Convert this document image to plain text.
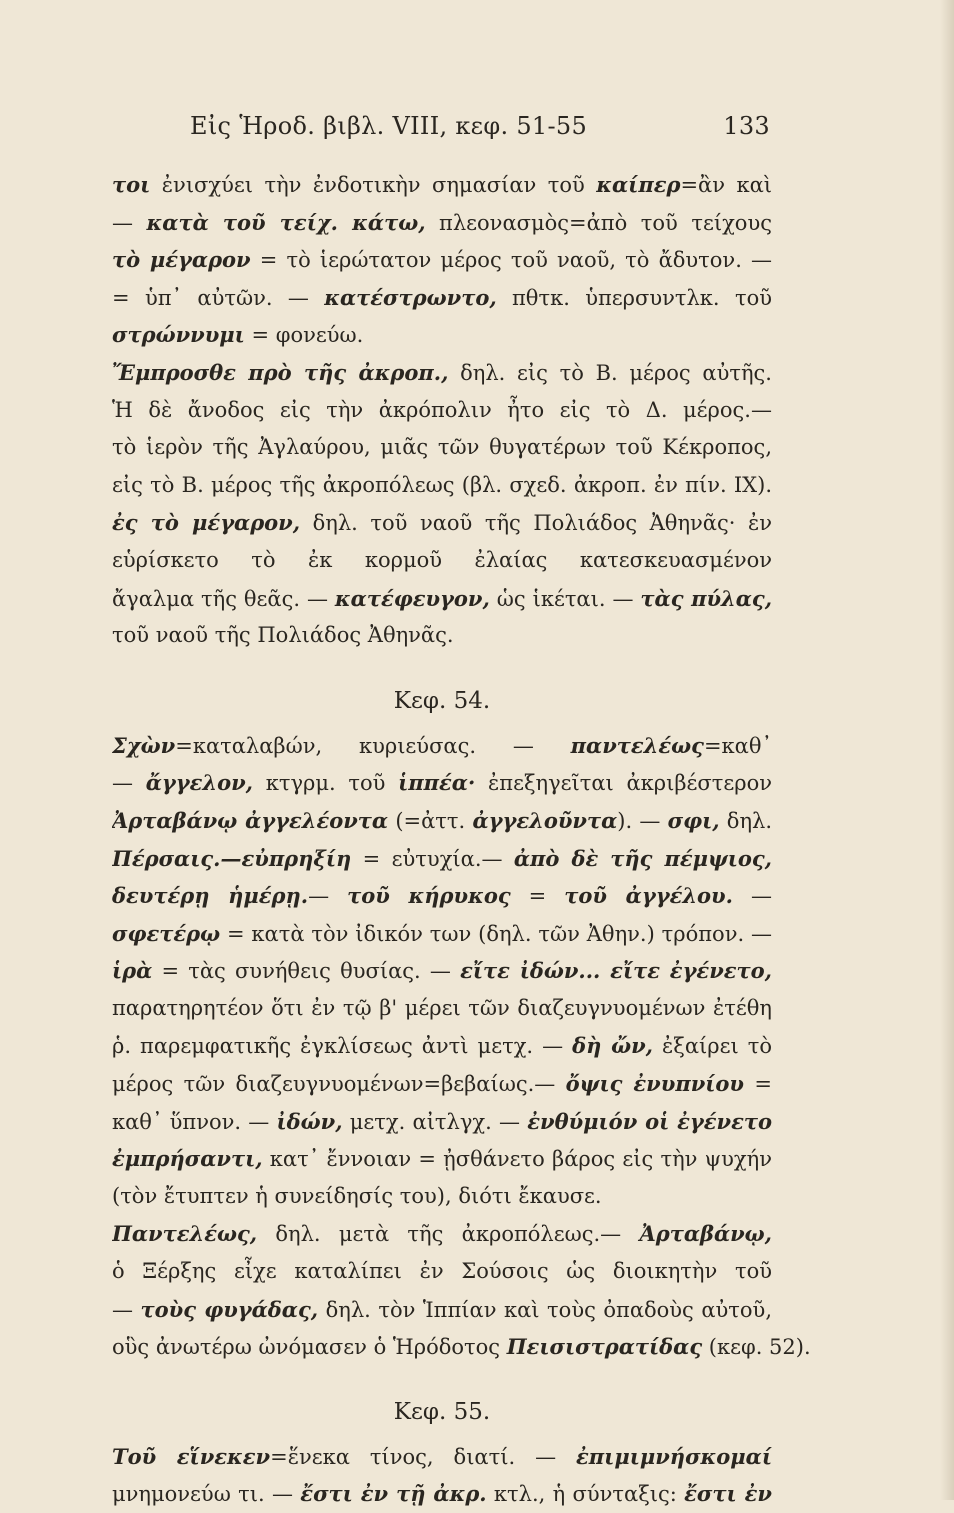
Εἰς Ἡροδ. βιβλ. VIII, κεφ. 51-55	133
τοι ἐνισχύει τὴν ἐνδοτικὴν σημασίαν τοῦ καίπερ=ἂν καὶ
— κατὰ τοῦ τείχ. κάτω, πλεονασμὸς=ἀπὸ τοῦ τείχους
τὸ μέγαρον = τὸ ἱερώτατον μέρος τοῦ ναοῦ, τὸ ἄδυτον. —
= ὑπ᾿ αὐτῶν. — κατέστρωντο, πθτκ. ὑπερσυντλκ. τοῦ
στρώννυμι = φονεύω.
Ἔμπροσθε πρὸ τῆς ἀκροπ., δηλ. εἰς τὸ Β. μέρος αὐτῆς.
Ἡ δὲ ἄνοδος εἰς τὴν ἀκρόπολιν ἦτο εἰς τὸ Δ. μέρος.—
τὸ ἱερὸν τῆς Ἀγλαύρου, μιᾶς τῶν θυγατέρων τοῦ Κέκροπος,
εἰς τὸ Β. μέρος τῆς ἀκροπόλεως (βλ. σχεδ. ἀκροπ. ἐν πίν. IX).
ἐς τὸ μέγαρον, δηλ. τοῦ ναοῦ τῆς Πολιάδος Ἀθηνᾶς· ἐν
εὑρίσκετο τὸ ἐκ κορμοῦ ἐλαίας κατεσκευασμένον
ἄγαλμα τῆς θεᾶς. — κατέφευγον, ὡς ἱκέται. — τὰς πύλας,
τοῦ ναοῦ τῆς Πολιάδος Ἀθηνᾶς.
Κεφ. 54.
Σχὼν=καταλαβών, κυριεύσας. — παντελέως=καθ᾿
— ἄγγελον, κτγρμ. τοῦ ἱππέα· ἐπεξηγεῖται ἀκριβέστερον
Ἀρταβάνῳ ἀγγελέοντα (=ἀττ. ἀγγελοῦντα). — σφι, δηλ.
Πέρσαις.—εὐπρηξίη = εὐτυχία.— ἀπὸ δὲ τῆς πέμψιος,
δευτέρῃ ἡμέρῃ.— τοῦ κήρυκος = τοῦ ἀγγέλου. —
σφετέρῳ = κατὰ τὸν ἰδικόν των (δηλ. τῶν Ἀθην.) τρόπον. —
ἱρὰ = τὰς συνήθεις θυσίας. — εἴτε ἰδών... εἴτε ἐγένετο,
παρατηρητέον ὅτι ἐν τῷ β' μέρει τῶν διαζευγνυομένων ἐτέθη
ῥ. παρεμφατικῆς ἐγκλίσεως ἀντὶ μετχ. — δὴ ὤν, ἐξαίρει τὸ
μέρος τῶν διαζευγνυομένων=βεβαίως.— ὄψις ἐνυπνίου =
καθ᾿ ὕπνον. — ἰδών, μετχ. αἰτλγχ. — ἐνθύμιόν οἱ ἐγένετο
ἐμπρήσαντι, κατ᾿ ἔννοιαν = ᾐσθάνετο βάρος εἰς τὴν ψυχήν
(τὸν ἔτυπτεν ἡ συνείδησίς του), διότι ἔκαυσε.
Παντελέως, δηλ. μετὰ τῆς ἀκροπόλεως.— Ἀρταβάνῳ,
ὁ Ξέρξης εἶχε καταλίπει ἐν Σούσοις ὡς διοικητὴν τοῦ
— τοὺς φυγάδας, δηλ. τὸν Ἱππίαν καὶ τοὺς ὀπαδοὺς αὐτοῦ,
οὓς ἀνωτέρω ὠνόμασεν ὁ Ἡρόδοτος Πεισιστρατίδας (κεφ. 52).
Κεφ. 55.
Τοῦ εἵνεκεν=ἕνεκα τίνος, διατί. — ἐπιμιμνήσκομαί
μνημονεύω τι. — ἔστι ἐν τῇ ἀκρ. κτλ., ἡ σύνταξις: ἔστι ἐν
